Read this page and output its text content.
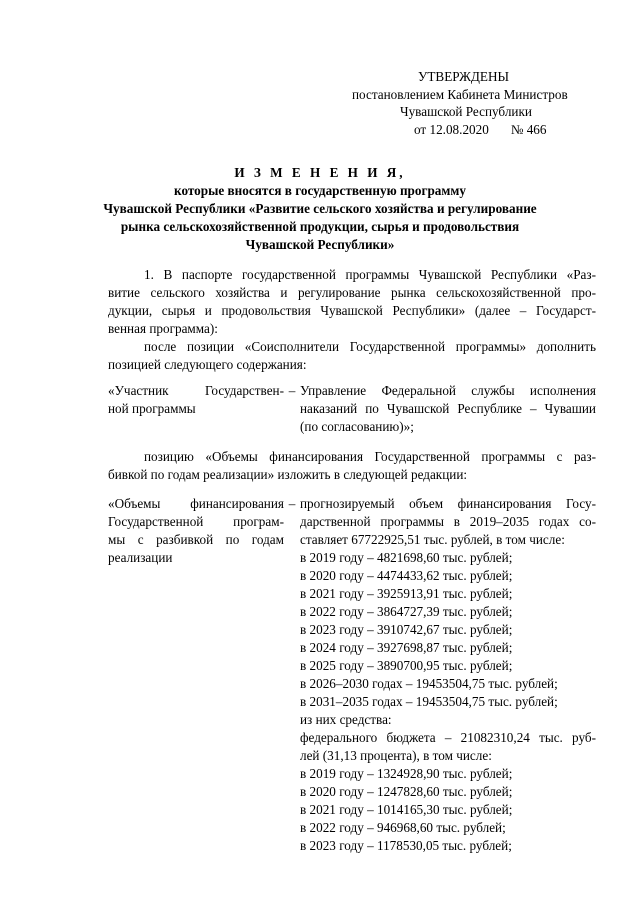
УТВЕРЖДЕНЫ
постановлением Кабинета Министров
Чувашской Республики
от 12.08.2020 № 466
И З М Е Н Е Н И Я,
которые вносятся в государственную программу
Чувашской Республики «Развитие сельского хозяйства и регулирование
рынка сельскохозяйственной продукции, сырья и продовольствия
Чувашской Республики»
1. В паспорте государственной программы Чувашской Республики «Раз-
витие сельского хозяйства и регулирование рынка сельскохозяйственной про-
дукции, сырья и продовольствия Чувашской Республики» (далее – Государст-
венная программа):
после позиции «Соисполнители Государственной программы» дополнить
позицией следующего содержания:
«Участник Государствен-
ной программы
– Управление Федеральной службы исполнения
наказаний по Чувашской Республике – Чувашии
(по согласованию)»;
позицию «Объемы финансирования Государственной программы с раз-
бивкой по годам реализации» изложить в следующей редакции:
«Объемы финансирования
Государственной програм-
мы с разбивкой по годам
реализации
– прогнозируемый объем финансирования Госу-
дарственной программы в 2019–2035 годах со-
ставляет 67722925,51 тыс. рублей, в том числе:
в 2019 году – 4821698,60 тыс. рублей;
в 2020 году – 4474433,62 тыс. рублей;
в 2021 году – 3925913,91 тыс. рублей;
в 2022 году – 3864727,39 тыс. рублей;
в 2023 году – 3910742,67 тыс. рублей;
в 2024 году – 3927698,87 тыс. рублей;
в 2025 году – 3890700,95 тыс. рублей;
в 2026–2030 годах – 19453504,75 тыс. рублей;
в 2031–2035 годах – 19453504,75 тыс. рублей;
из них средства:
федерального бюджета – 21082310,24 тыс. руб-
лей (31,13 процента), в том числе:
в 2019 году – 1324928,90 тыс. рублей;
в 2020 году – 1247828,60 тыс. рублей;
в 2021 году – 1014165,30 тыс. рублей;
в 2022 году – 946968,60 тыс. рублей;
в 2023 году – 1178530,05 тыс. рублей;
